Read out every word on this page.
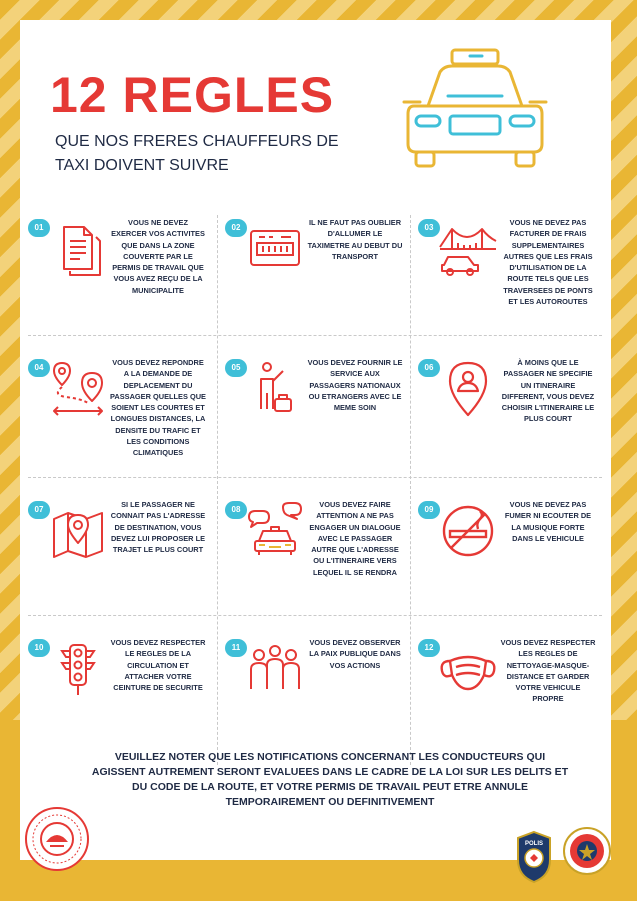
12 REGLES

QUE NOS FRERES CHAUFFEURS DE TAXI DOIVENT SUIVRE

01
VOUS NE DEVEZ EXERCER VOS ACTIVITES QUE DANS LA ZONE COUVERTE PAR LE PERMIS DE TRAVAIL QUE VOUS AVEZ REÇU DE LA MUNICIPALITE
02
IL NE FAUT PAS OUBLIER D'ALLUMER LE TAXIMETRE AU DEBUT DU TRANSPORT
03
VOUS NE DEVEZ PAS FACTURER DE FRAIS SUPPLEMENTAIRES AUTRES QUE LES FRAIS D'UTILISATION DE LA ROUTE TELS QUE LES TRAVERSEES DE PONTS ET LES AUTOROUTES
04
VOUS DEVEZ REPONDRE A LA DEMANDE DE DEPLACEMENT DU PASSAGER QUELLES QUE SOIENT LES COURTES ET LONGUES DISTANCES, LA DENSITE DU TRAFIC ET LES CONDITIONS CLIMATIQUES
05
VOUS DEVEZ FOURNIR LE SERVICE AUX PASSAGERS NATIONAUX OU ETRANGERS AVEC LE MEME SOIN
06
À MOINS QUE LE PASSAGER NE SPECIFIE UN ITINERAIRE DIFFERENT, VOUS DEVEZ CHOISIR L'ITINERAIRE LE PLUS COURT
07
SI LE PASSAGER NE CONNAIT PAS L'ADRESSE DE DESTINATION, VOUS DEVEZ LUI PROPOSER LE TRAJET LE PLUS COURT
08
VOUS DEVEZ FAIRE ATTENTION A NE PAS ENGAGER UN DIALOGUE AVEC LE PASSAGER AUTRE QUE L'ADRESSE OU L'ITINERAIRE VERS LEQUEL IL SE RENDRA
09
VOUS NE DEVEZ PAS FUMER NI ECOUTER DE LA MUSIQUE FORTE DANS LE VEHICULE
10
VOUS DEVEZ RESPECTER LE REGLES DE LA CIRCULATION ET ATTACHER VOTRE CEINTURE DE SECURITE
11
VOUS DEVEZ OBSERVER LA PAIX PUBLIQUE DANS VOS ACTIONS
12
VOUS DEVEZ RESPECTER LES REGLES DE NETTOYAGE-MASQUE-DISTANCE ET GARDER VOTRE VEHICULE PROPRE

VEUILLEZ NOTER QUE LES NOTIFICATIONS CONCERNANT LES CONDUCTEURS QUI AGISSENT AUTREMENT SERONT EVALUEES DANS LE CADRE DE LA LOI SUR LES DELITS ET DU CODE DE LA ROUTE, ET VOTRE PERMIS DE TRAVAIL PEUT ETRE ANNULE TEMPORAIREMENT OU DEFINITIVEMENT

POLIS
